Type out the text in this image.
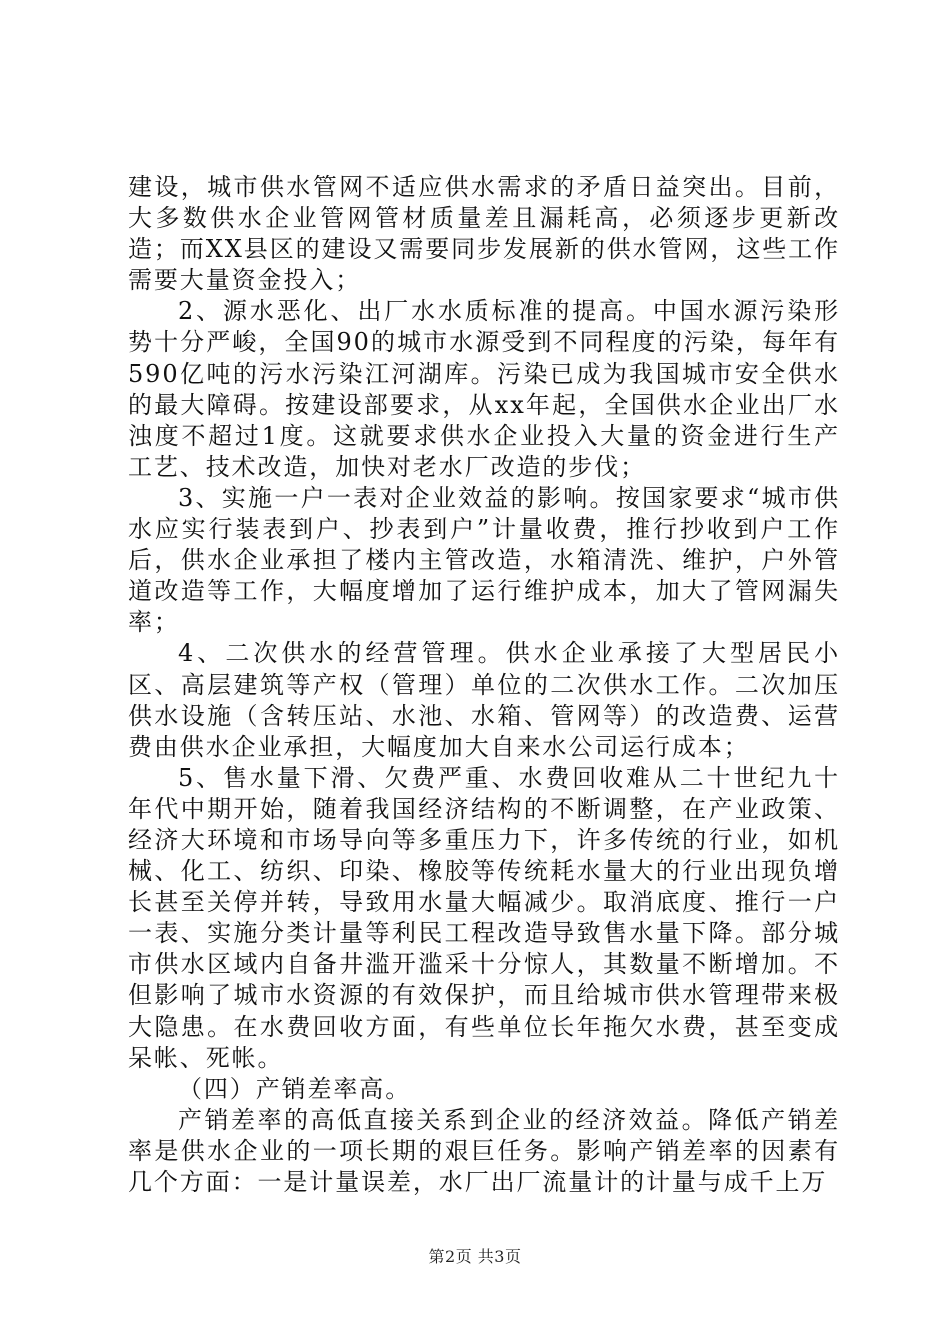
建设，城市供水管网不适应供水需求的矛盾日益突出。目前，大多数供水企业管网管材质量差且漏耗高，必须逐步更新改造；而XX县区的建设又需要同步发展新的供水管网，这些工作需要大量资金投入；

2、源水恶化、出厂水水质标准的提高。中国水源污染形势十分严峻，全国90的城市水源受到不同程度的污染，每年有590亿吨的污水污染江河湖库。污染已成为我国城市安全供水的最大障碍。按建设部要求，从xx年起，全国供水企业出厂水浊度不超过1度。这就要求供水企业投入大量的资金进行生产工艺、技术改造，加快对老水厂改造的步伐；

3、实施一户一表对企业效益的影响。按国家要求“城市供水应实行装表到户、抄表到户”计量收费，推行抄收到户工作后，供水企业承担了楼内主管改造，水箱清洗、维护，户外管道改造等工作，大幅度增加了运行维护成本，加大了管网漏失率；

4、二次供水的经营管理。供水企业承接了大型居民小区、高层建筑等产权（管理）单位的二次供水工作。二次加压供水设施（含转压站、水池、水箱、管网等）的改造费、运营费由供水企业承担，大幅度加大自来水公司运行成本；

5、售水量下滑、欠费严重、水费回收难从二十世纪九十年代中期开始，随着我国经济结构的不断调整，在产业政策、经济大环境和市场导向等多重压力下，许多传统的行业，如机械、化工、纺织、印染、橡胶等传统耗水量大的行业出现负增长甚至关停并转，导致用水量大幅减少。取消底度、推行一户一表、实施分类计量等利民工程改造导致售水量下降。部分城市供水区域内自备井滥开滥采十分惊人，其数量不断增加。不但影响了城市水资源的有效保护，而且给城市供水管理带来极大隐患。在水费回收方面，有些单位长年拖欠水费，甚至变成呆帐、死帐。

（四）产销差率高。

产销差率的高低直接关系到企业的经济效益。降低产销差率是供水企业的一项长期的艰巨任务。影响产销差率的因素有几个方面：一是计量误差，水厂出厂流量计的计量与成千上万

第2页 共3页
